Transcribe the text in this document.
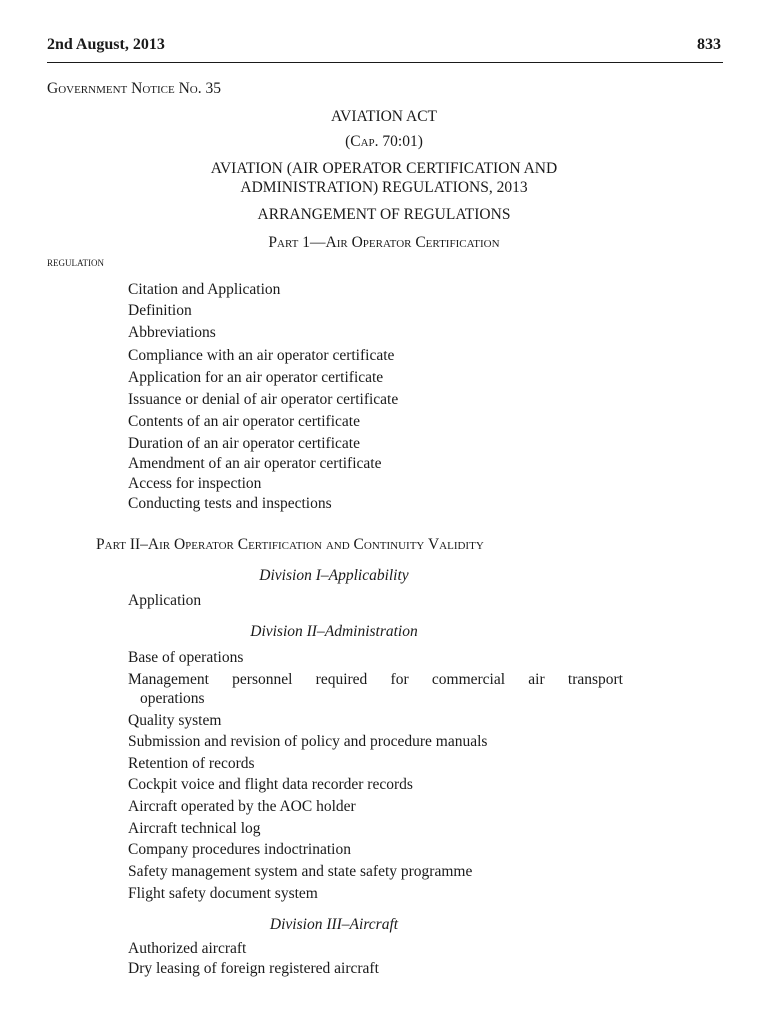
2nd August, 2013	833
Government Notice No. 35
AVIATION ACT
(Cap. 70:01)
AVIATION (AIR OPERATOR CERTIFICATION AND
ADMINISTRATION) REGULATIONS, 2013
ARRANGEMENT OF REGULATIONS
Part 1—Air Operator Certification
regulation
Citation and Application
Definition
Abbreviations
Compliance with an air operator certificate
Application for an air operator certificate
Issuance or denial of air operator certificate
Contents of an air operator certificate
Duration of an air operator certificate
Amendment of an air operator certificate
Access for inspection
Conducting tests and inspections
Part II–Air Operator Certification and Continuity Validity
Division I–Applicability
Application
Division II–Administration
Base of operations
Management personnel required for commercial air transport
operations
Quality system
Submission and revision of policy and procedure manuals
Retention of records
Cockpit voice and flight data recorder records
Aircraft operated by the AOC holder
Aircraft technical log
Company procedures indoctrination
Safety management system and state safety programme
Flight safety document system
Division III–Aircraft
Authorized aircraft
Dry leasing of foreign registered aircraft
